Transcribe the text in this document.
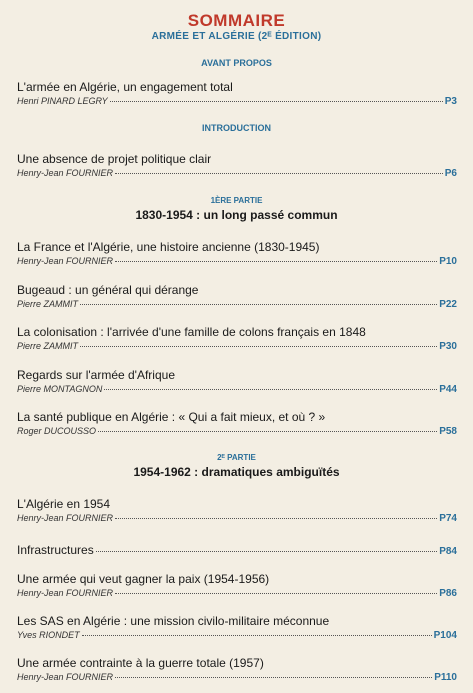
SOMMAIRE
ARMÉE ET ALGÉRIE (2ᴱ ÉDITION)
AVANT PROPOS
L'armée en Algérie, un engagement total
Henri PINARD LEGRY	P3
INTRODUCTION
Une absence de projet politique clair
Henry-Jean FOURNIER	P6
1ÈRE PARTIE
1830-1954 : un long passé commun
La France et l'Algérie, une histoire ancienne (1830-1945)
Henry-Jean FOURNIER	P10
Bugeaud : un général qui dérange
Pierre ZAMMIT	P22
La colonisation : l'arrivée d'une famille de colons français en 1848
Pierre ZAMMIT	P30
Regards sur l'armée d'Afrique
Pierre MONTAGNON	P44
La santé publique en Algérie : « Qui a fait mieux, et où ? »
Roger DUCOUSSO	P58
2ᴱ PARTIE
1954-1962 : dramatiques ambiguïtés
L'Algérie en 1954
Henry-Jean FOURNIER	P74
Infrastructures	P84
Une armée qui veut gagner la paix (1954-1956)
Henry-Jean FOURNIER	P86
Les SAS en Algérie : une mission civilo-militaire méconnue
Yves RIONDET	P104
Une armée contrainte à la guerre totale (1957)
Henry-Jean FOURNIER	P110
